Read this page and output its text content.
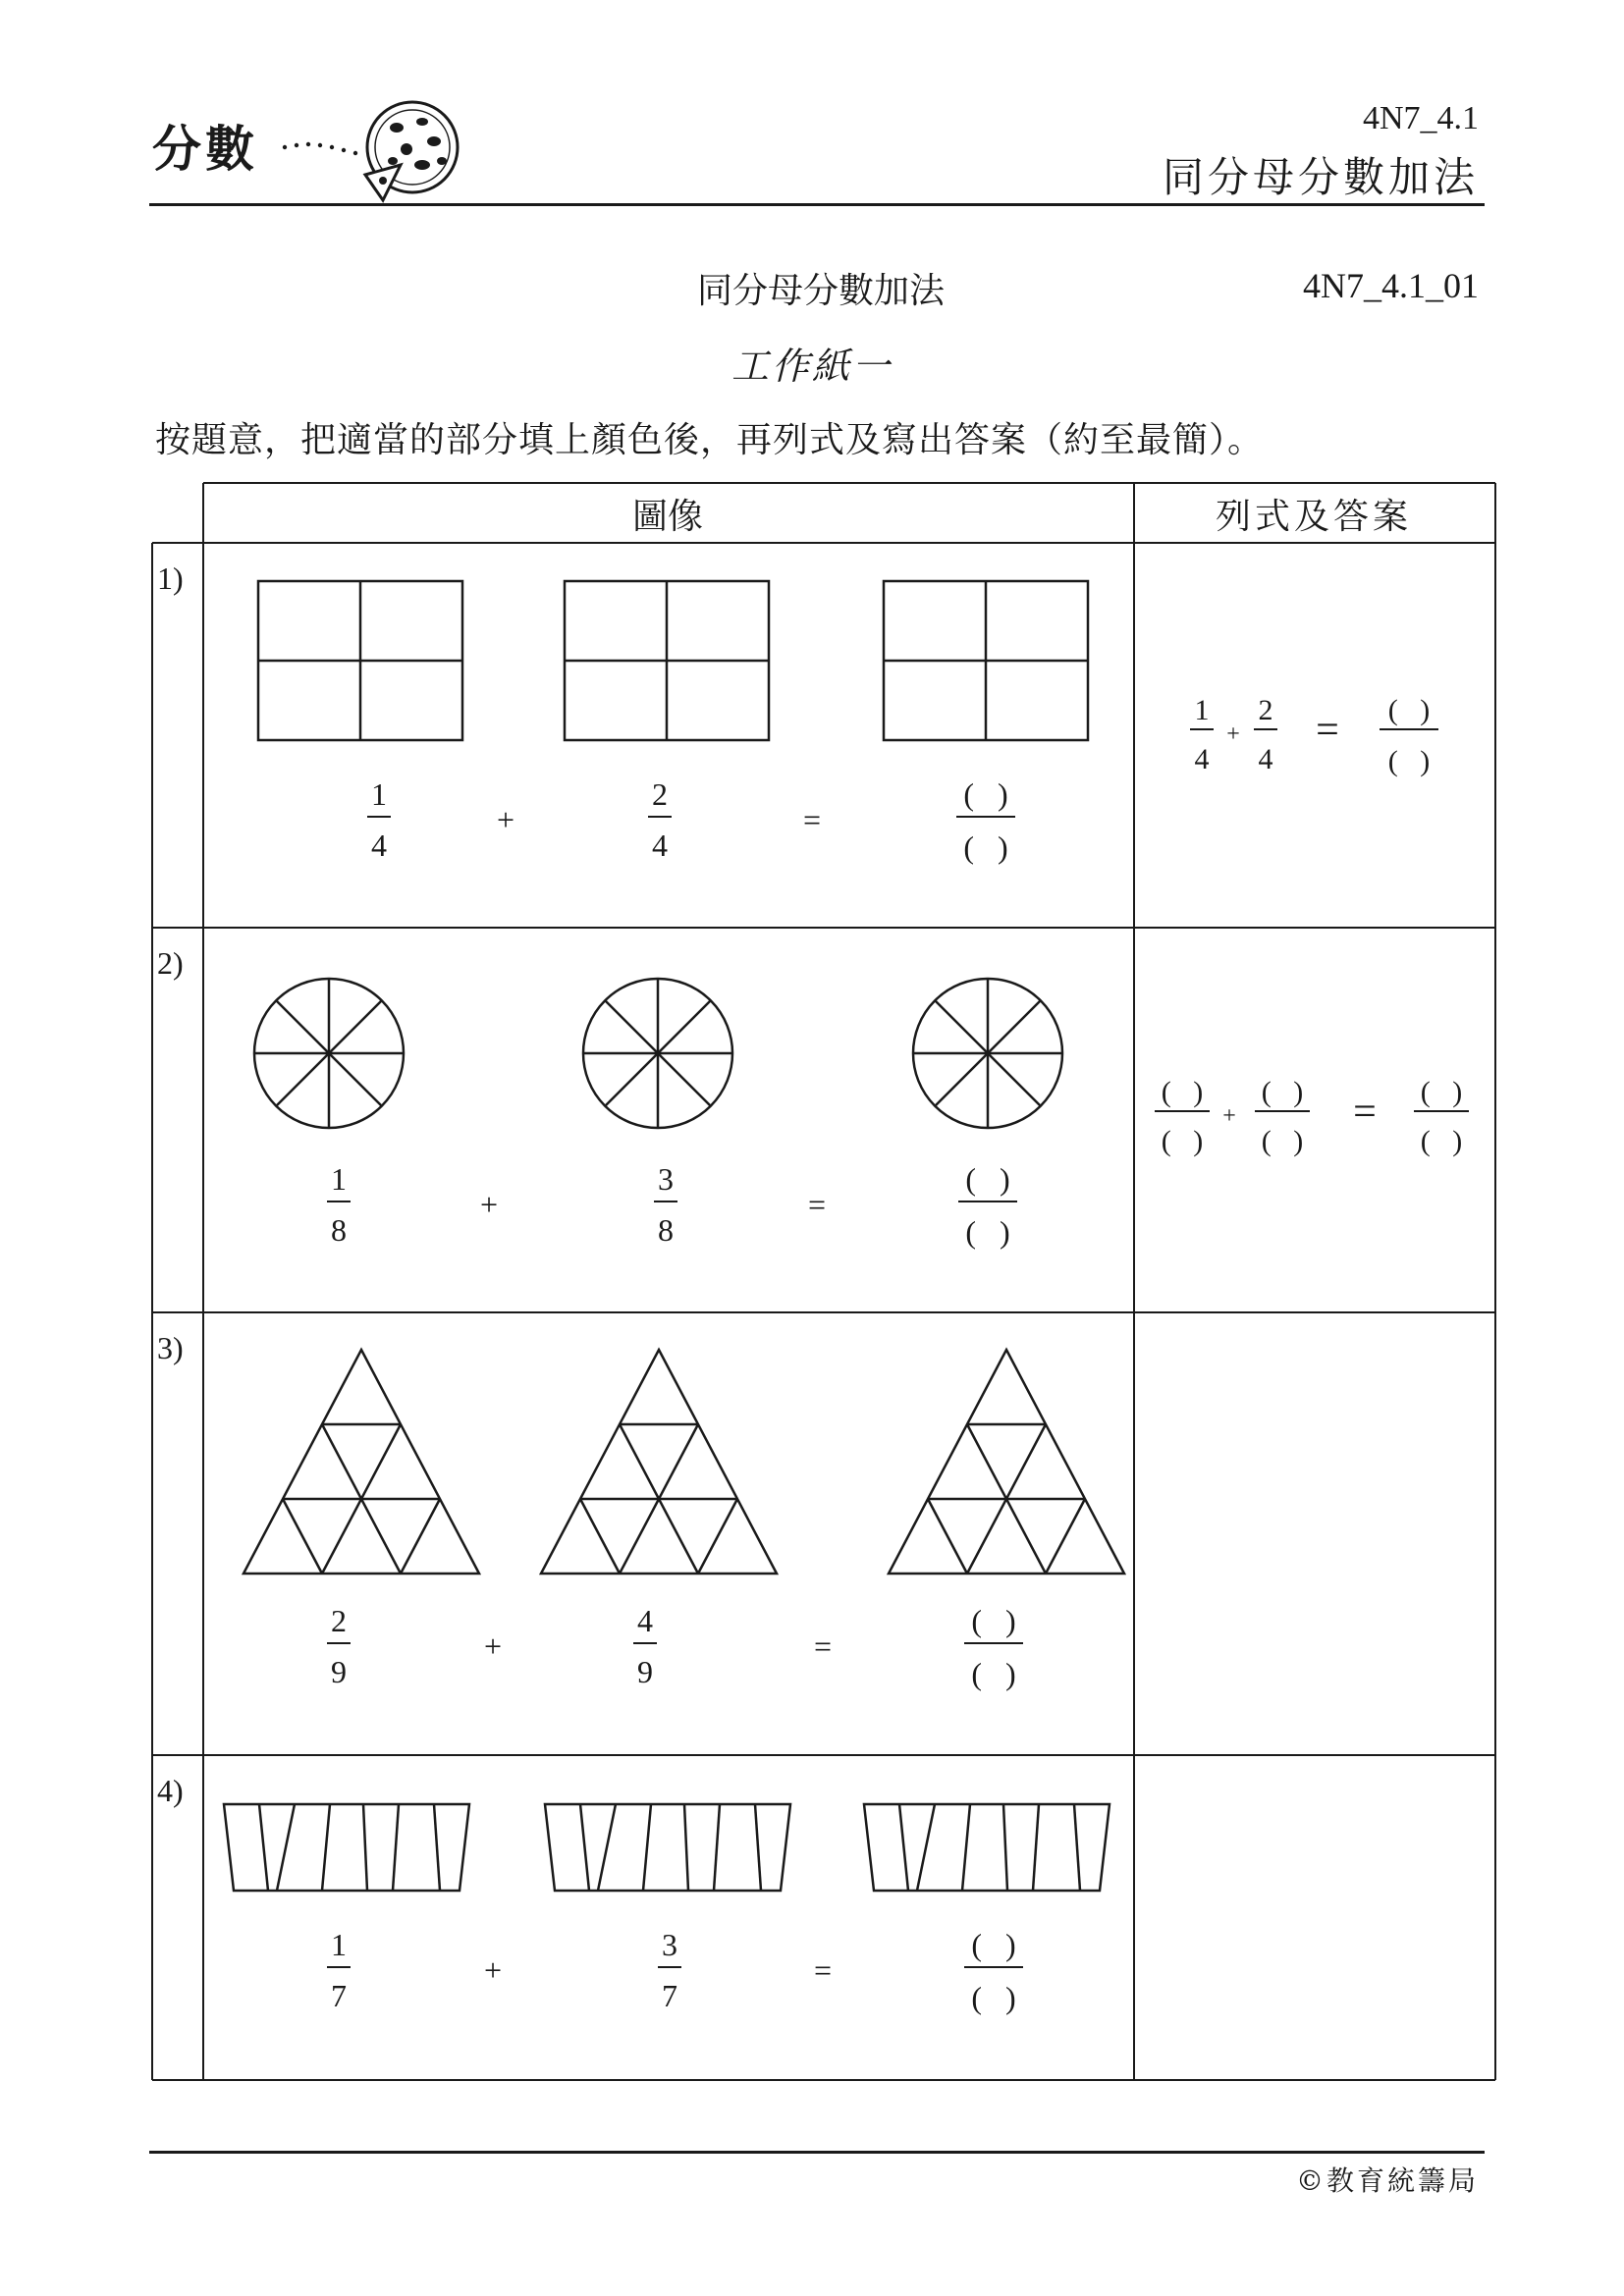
分數
4N7_4.1
同分母分數加法
同分母分數加法	4N7_4.1_01
工作紙一
按題意，把適當的部分填上顏色後，再列式及寫出答案（約至最簡）。
圖像	列式及答案
1)
2)
3)
4)
1
4
+
2
4
=
(   )
(   )
1
4
+
2
4
= (   )
(   )
1
8
+
3
8
=
(   )
(   )
(   )
(   )
+
(   )
(   )
= (   )
(   )
2
9
+
4
9
=
(   )
(   )
1
7
+
3
7
=
(   )
(   )
©教育統籌局
